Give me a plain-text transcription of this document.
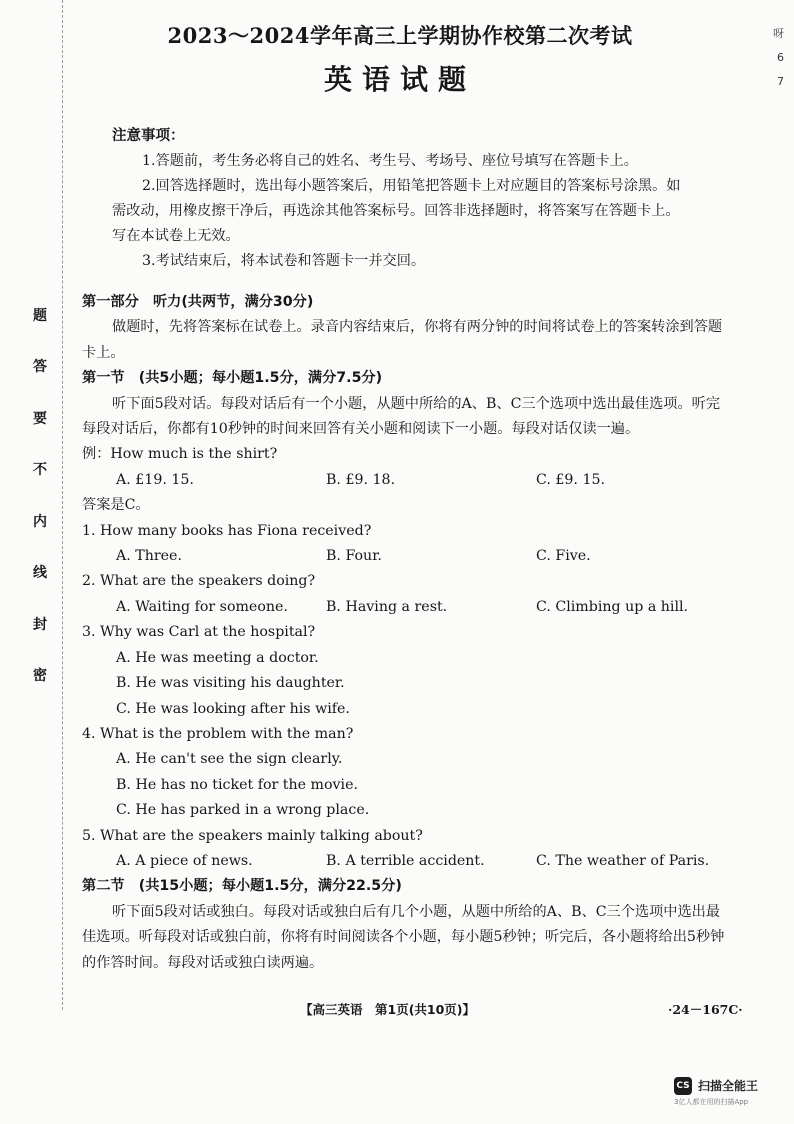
题
答
要
不
内
线
封
密
呀
6
7
2023～2024学年高三上学期协作校第二次考试
英语试题
注意事项：
1.答题前，考生务必将自己的姓名、考生号、考场号、座位号填写在答题卡上。
2.回答选择题时，选出每小题答案后，用铅笔把答题卡上对应题目的答案标号涂黑。如需改动，用橡皮擦干净后，再选涂其他答案标号。回答非选择题时，将答案写在答题卡上。写在本试卷上无效。
3.考试结束后，将本试卷和答题卡一并交回。
第一部分　听力(共两节，满分30分)
做题时，先将答案标在试卷上。录音内容结束后，你将有两分钟的时间将试卷上的答案转涂到答题卡上。
第一节　(共5小题；每小题1.5分，满分7.5分)
听下面5段对话。每段对话后有一个小题，从题中所给的A、B、C三个选项中选出最佳选项。听完每段对话后，你都有10秒钟的时间来回答有关小题和阅读下一小题。每段对话仅读一遍。
例：How much is the shirt?
A. £19. 15.	B. £9. 18.	C. £9. 15.
答案是C。
1. How many books has Fiona received?
A. Three.	B. Four.	C. Five.
2. What are the speakers doing?
A. Waiting for someone.	B. Having a rest.	C. Climbing up a hill.
3. Why was Carl at the hospital?
A. He was meeting a doctor.
B. He was visiting his daughter.
C. He was looking after his wife.
4. What is the problem with the man?
A. He can't see the sign clearly.
B. He has no ticket for the movie.
C. He has parked in a wrong place.
5. What are the speakers mainly talking about?
A. A piece of news.	B. A terrible accident.	C. The weather of Paris.
第二节　(共15小题；每小题1.5分，满分22.5分)
听下面5段对话或独白。每段对话或独白后有几个小题，从题中所给的A、B、C三个选项中选出最佳选项。听每段对话或独白前，你将有时间阅读各个小题，每小题5秒钟；听完后，各小题将给出5秒钟的作答时间。每段对话或独白读两遍。
【高三英语　第1页(共10页)】	·24－167C·
CS 扫描全能王
3亿人都在用的扫描App
